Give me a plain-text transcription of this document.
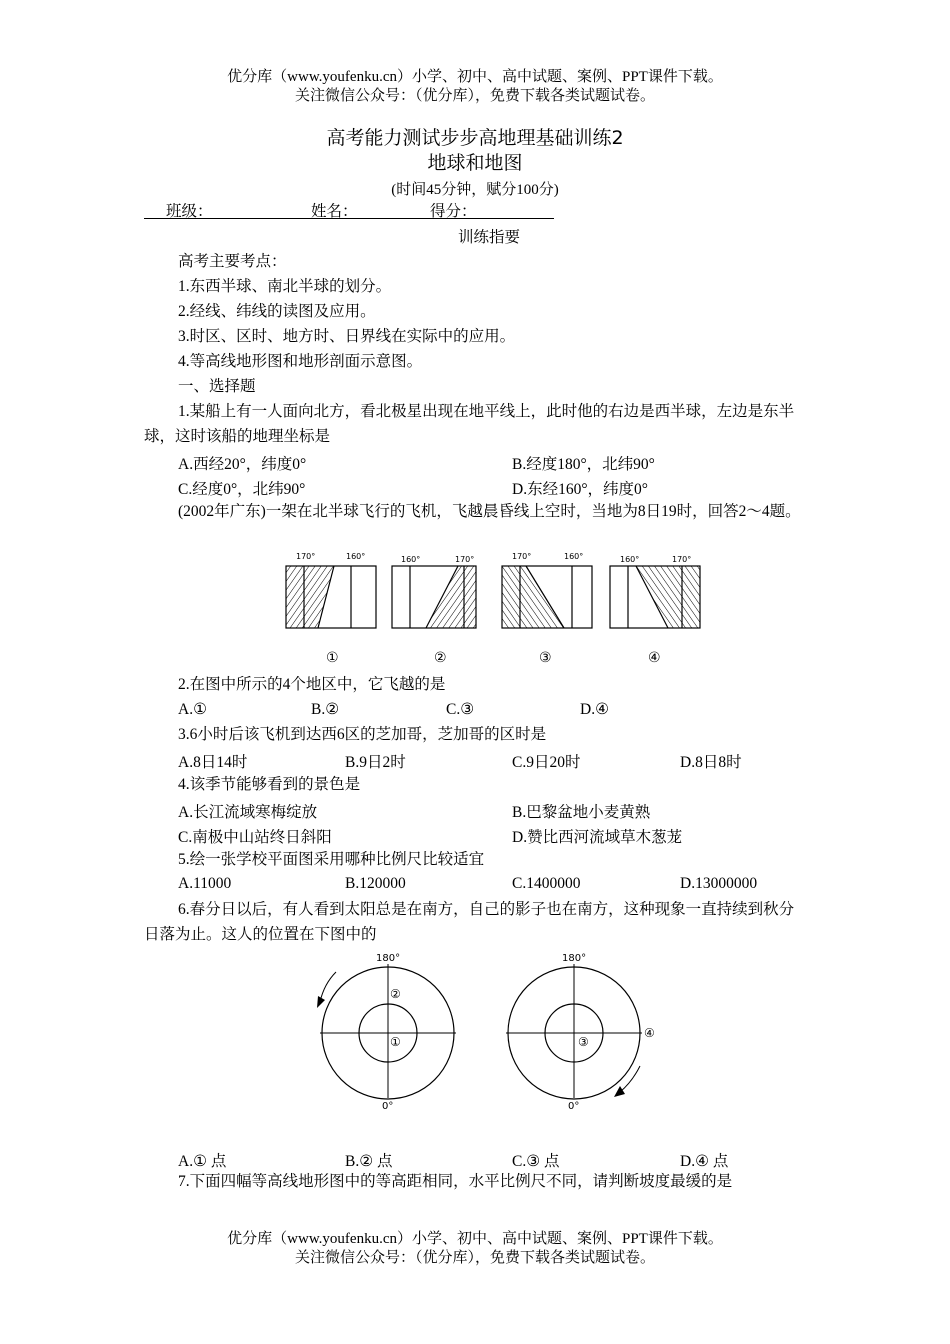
优分库（www.youfenku.cn）小学、初中、高中试题、案例、PPT课件下载。
关注微信公众号：（优分库），免费下载各类试题试卷。
高考能力测试步步高地理基础训练2
地球和地图
(时间45分钟，赋分100分)
班级：	姓名：	得分：
训练指要
高考主要考点：
1.东西半球、南北半球的划分。
2.经线、纬线的读图及应用。
3.时区、区时、地方时、日界线在实际中的应用。
4.等高线地形图和地形剖面示意图。
一、选择题
1.某船上有一人面向北方，看北极星出现在地平线上，此时他的右边是西半球，左边是东半球，这时该船的地理坐标是
A.西经20°，纬度0°	B.经度180°，北纬90°
C.经度0°，北纬90°	D.东经160°，纬度0°
(2002年广东)一架在北半球飞行的飞机，飞越晨昏线上空时，当地为8日19时，回答2～4题。
170°	160°
①
160°	170°
②
170°	160°
③
160°	170°
④
2.在图中所示的4个地区中，它飞越的是
A.①	B.②	C.③	D.④
3.6小时后该飞机到达西6区的芝加哥，芝加哥的区时是
A.8日14时	B.9日2时	C.9日20时	D.8日8时
4.该季节能够看到的景色是
A.长江流域寒梅绽放	B.巴黎盆地小麦黄熟
C.南极中山站终日斜阳	D.赞比西河流域草木葱茏
5.绘一张学校平面图采用哪种比例尺比较适宜
A.11000	B.120000	C.1400000	D.13000000
6.春分日以后，有人看到太阳总是在南方，自己的影子也在南方，这种现象一直持续到秋分日落为止。这人的位置在下图中的
180°
0°
①
②
180°
0°
③
④
A.① 点	B.② 点	C.③ 点	D.④ 点
7.下面四幅等高线地形图中的等高距相同，水平比例尺不同，请判断坡度最缓的是
优分库（www.youfenku.cn）小学、初中、高中试题、案例、PPT课件下载。
关注微信公众号：（优分库），免费下载各类试题试卷。
